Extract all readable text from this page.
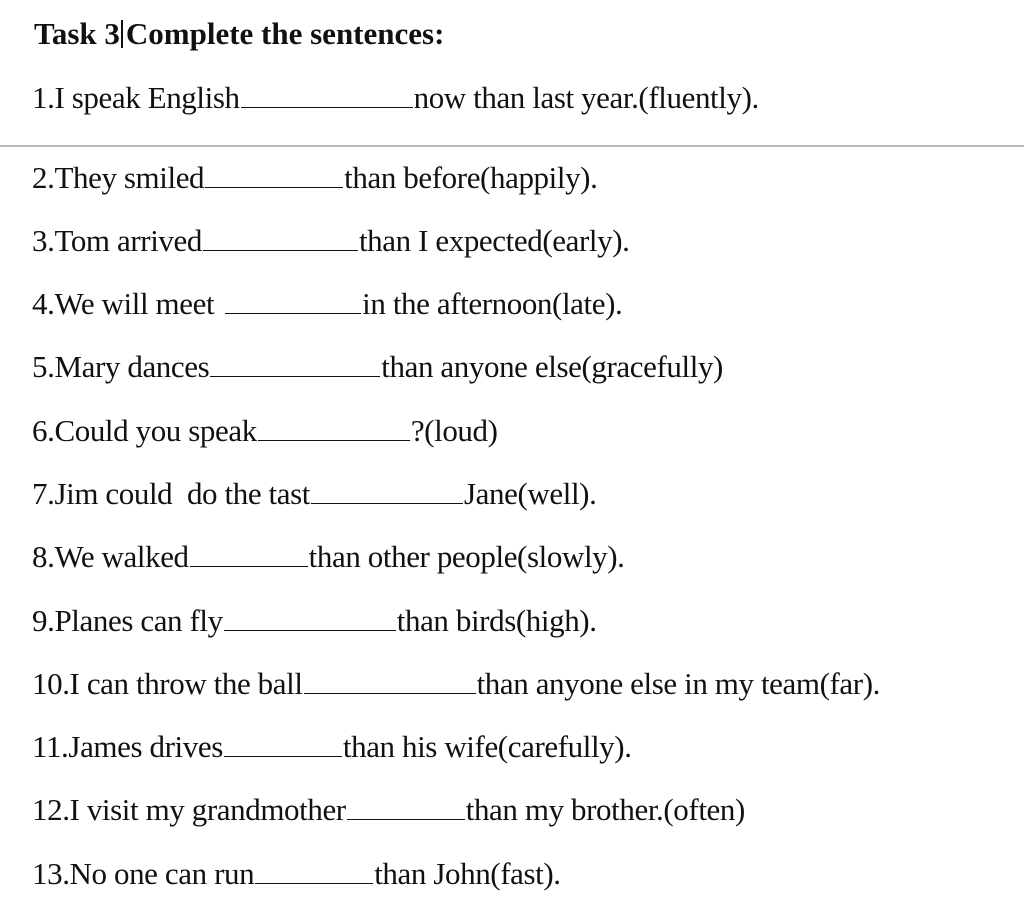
Task 3 Complete the sentences:
1.I speak English	now than last year.(fluently).
2.They smiled	than before(happily).
3.Tom arrived	than I expected(early).
4.We will meet	in the afternoon(late).
5.Mary dances	than anyone else(gracefully)
6.Could you speak	?(loud)
7.Jim could  do the tast	Jane(well).
8.We walked	than other people(slowly).
9.Planes can fly	than birds(high).
10.I can throw the ball	than anyone else in my team(far).
11.James drives	than his wife(carefully).
12.I visit my grandmother	than my brother.(often)
13.No one can run	than John(fast).
